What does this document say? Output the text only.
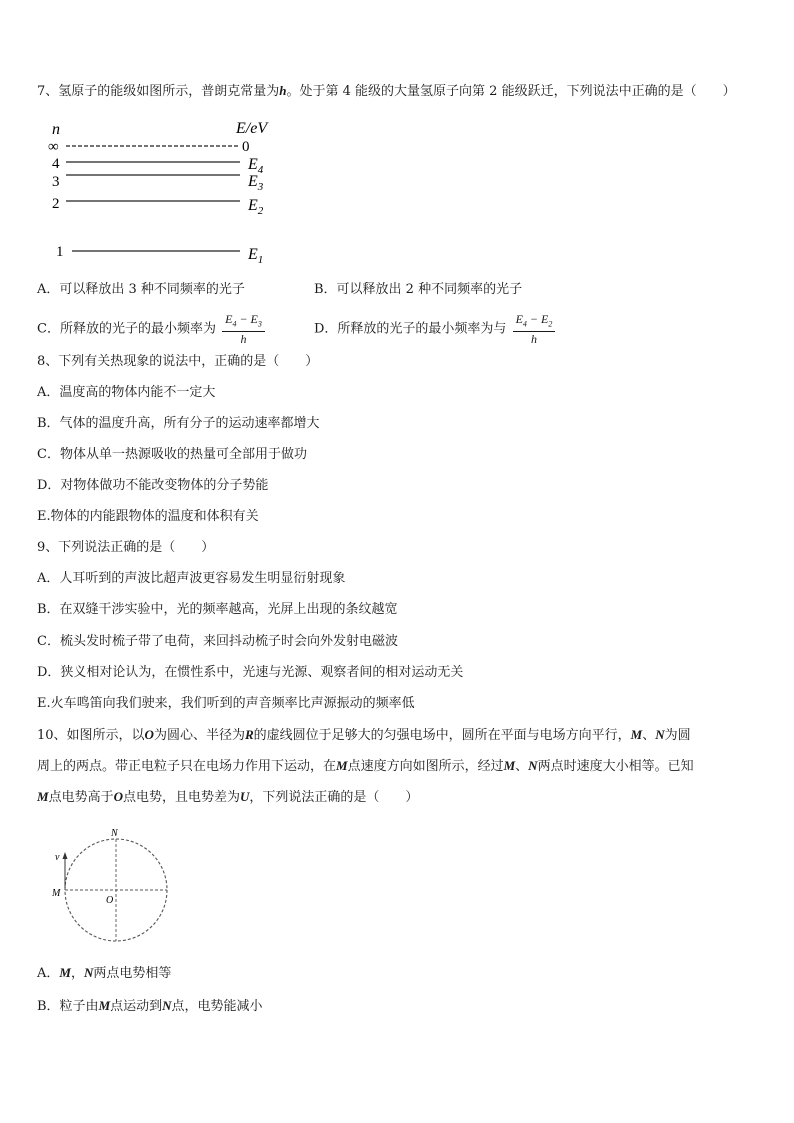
7、氢原子的能级如图所示，普朗克常量为h。处于第 4 能级的大量氢原子向第 2 能级跃迁，下列说法中正确的是（　　）
n	E/eV
∞	0
4	$E_4$
3	$E_3$
2	$E_2$
1	$E_1$
A．可以释放出 3 种不同频率的光子	B．可以释放出 2 种不同频率的光子
C．所释放的光子的最小频率为 $\frac{E_4 - E_3}{h}$	D．所释放的光子的最小频率为与 $\frac{E_4 - E_2}{h}$
8、下列有关热现象的说法中，正确的是（　　）
A．温度高的物体内能不一定大
B．气体的温度升高，所有分子的运动速率都增大
C．物体从单一热源吸收的热量可全部用于做功
D．对物体做功不能改变物体的分子势能
E.物体的内能跟物体的温度和体积有关
9、下列说法正确的是（　　）
A．人耳听到的声波比超声波更容易发生明显衍射现象
B．在双缝干涉实验中，光的频率越高，光屏上出现的条纹越宽
C．梳头发时梳子带了电荷，来回抖动梳子时会向外发射电磁波
D．狭义相对论认为，在惯性系中，光速与光源、观察者间的相对运动无关
E.火车鸣笛向我们驶来，我们听到的声音频率比声源振动的频率低
10、如图所示，以O为圆心、半径为R的虚线圆位于足够大的匀强电场中，圆所在平面与电场方向平行，M、N为圆
周上的两点。带正电粒子只在电场力作用下运动，在M点速度方向如图所示，经过M、N两点时速度大小相等。已知
M点电势高于O点电势，且电势差为U，下列说法正确的是（　　）
v
N
M
O
A．M，N两点电势相等
B．粒子由M点运动到N点，电势能减小
